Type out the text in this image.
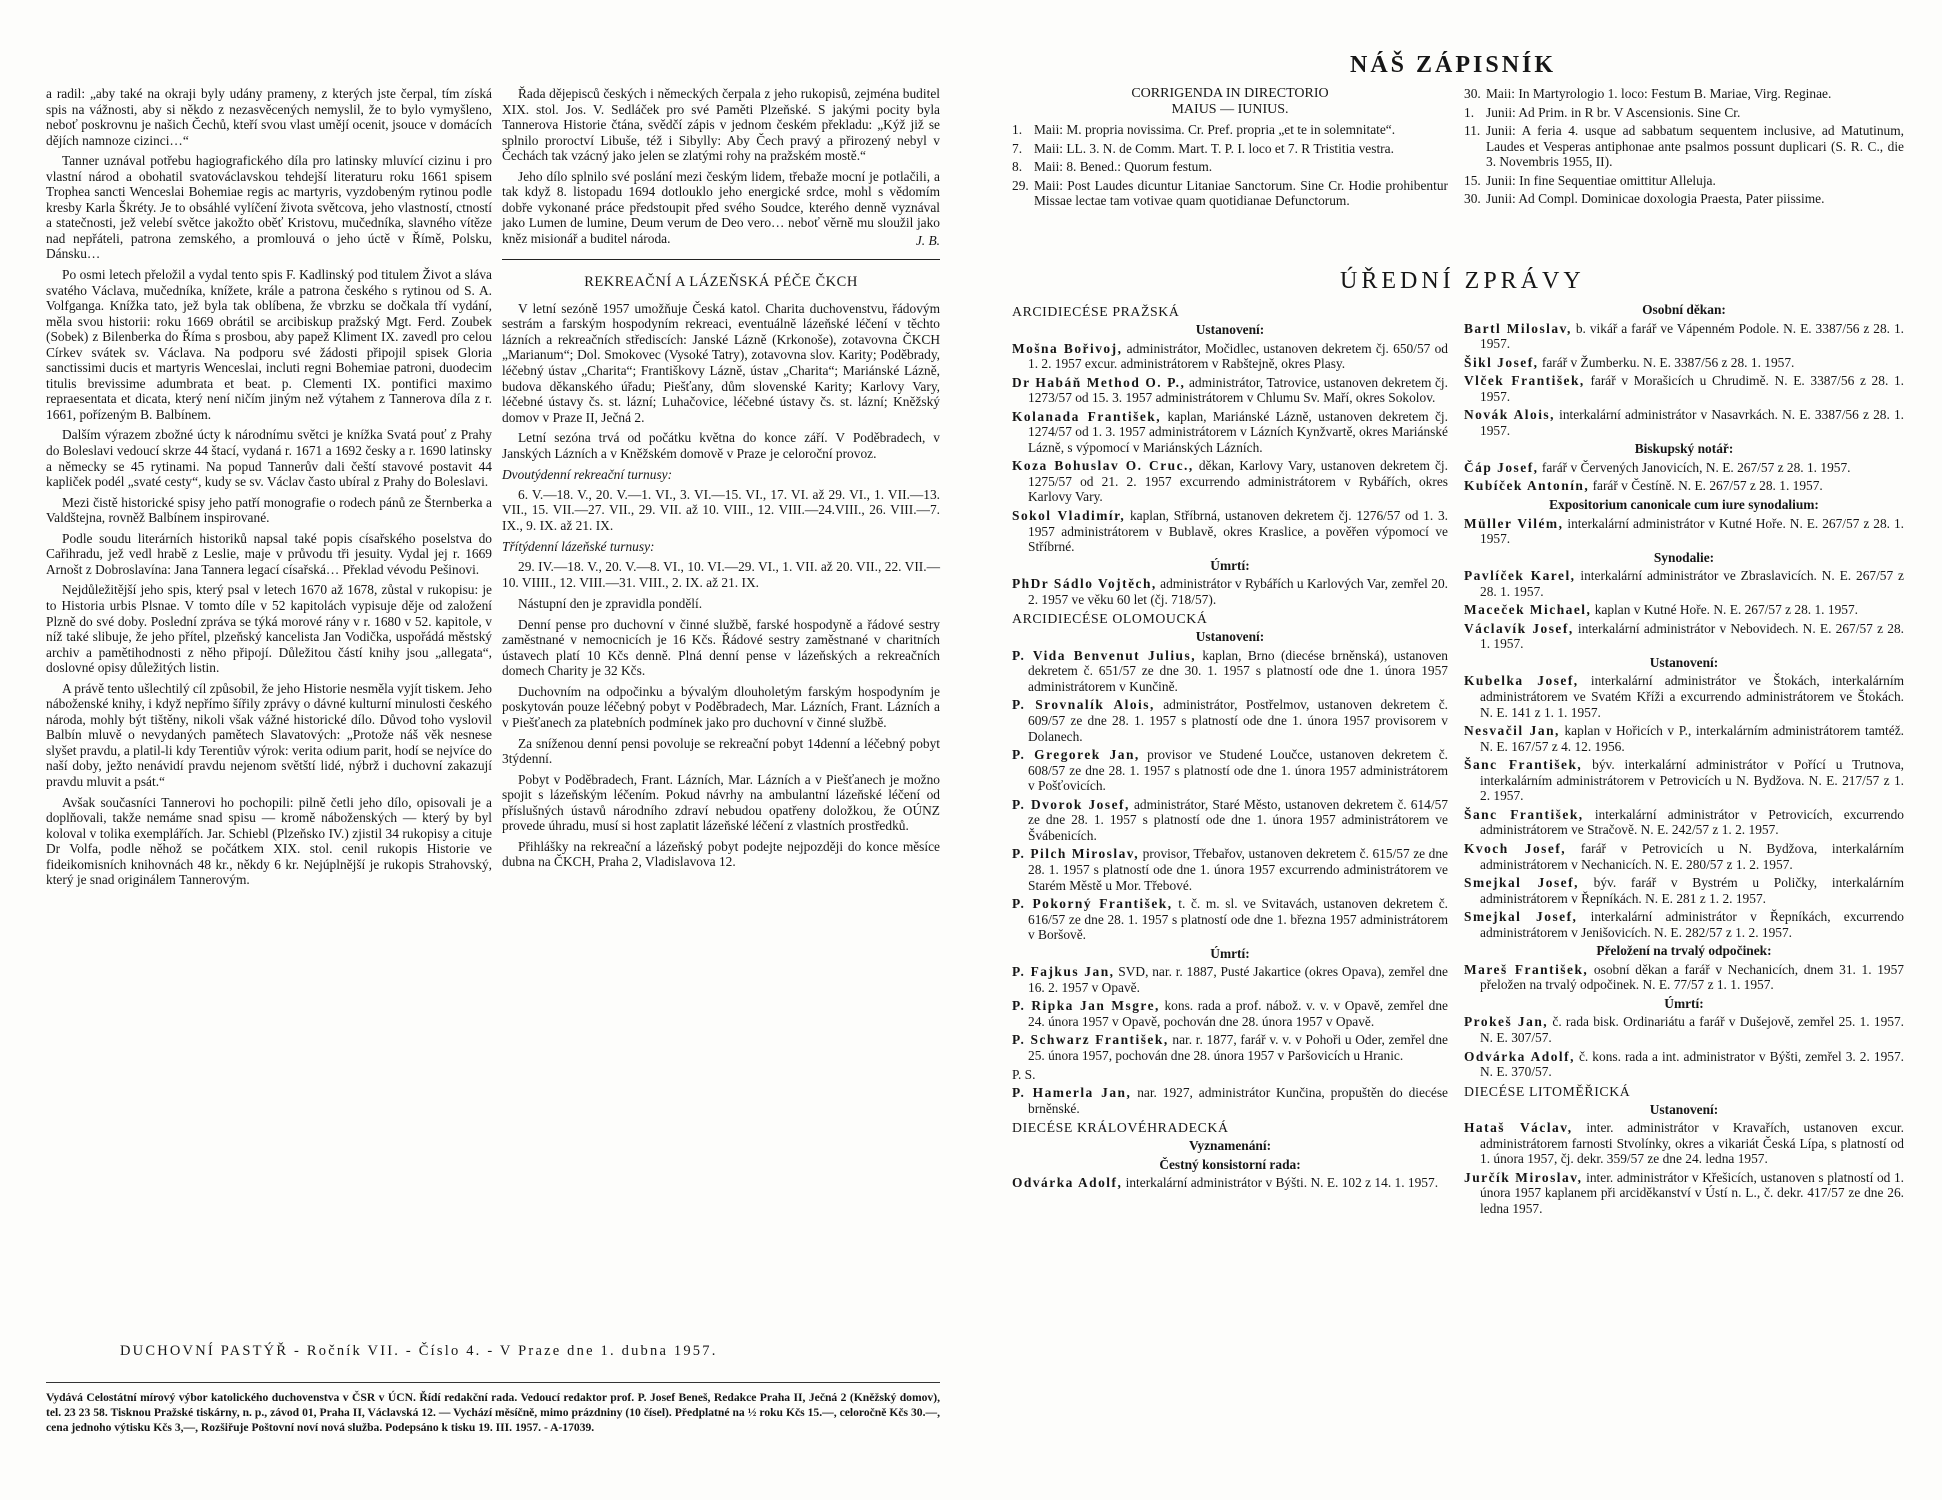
a radil: „aby také na okraji byly udány prameny, z kterých jste čerpal, tím získá spis na vážnosti, aby si někdo z nezasvěcených nemyslil, že to bylo vymyšleno, neboť poskrovnu je našich Čechů, kteří svou vlast umějí ocenit, jsouce v domácích dějích namnoze cizinci…“

Tanner uznával potřebu hagiografického díla pro latinsky mluvící cizinu i pro vlastní národ a obohatil svatováclavskou tehdejší literaturu roku 1661 spisem Trophea sancti Wenceslai Bohemiae regis ac martyris, vyzdobeným rytinou podle kresby Karla Škréty. Je to obsáhlé vylíčení života světcova, jeho vlastností, ctností a statečnosti, jež velebí světce jakožto oběť Kristovu, mučedníka, slavného vítěze nad nepřáteli, patrona zemského, a promlouvá o jeho úctě v Římě, Polsku, Dánsku…

Po osmi letech přeložil a vydal tento spis F. Kadlinský pod titulem Život a sláva svatého Václava, mučedníka, knížete, krále a patrona českého s rytinou od S. A. Volfganga. Knížka tato, jež byla tak oblíbena, že vbrzku se dočkala tří vydání, měla svou historii: roku 1669 obrátil se arcibiskup pražský Mgt. Ferd. Zoubek (Sobek) z Bilenberka do Říma s prosbou, aby papež Kliment IX. zavedl pro celou Církev svátek sv. Václava. Na podporu své žádosti připojil spisek Gloria sanctissimi ducis et martyris Wenceslai, incluti regni Bohemiae patroni, duodecim titulis brevissime adumbrata et beat. p. Clementi IX. pontifici maximo repraesentata et dicata, který není ničím jiným než výtahem z Tannerova díla z r. 1661, pořízeným B. Balbínem.

Dalším výrazem zbožné úcty k národnímu světci je knížka Svatá pouť z Prahy do Boleslavi vedoucí skrze 44 štací, vydaná r. 1671 a 1692 česky a r. 1690 latinsky a německy se 45 rytinami. Na popud Tannerův dali čeští stavové postavit 44 kapliček podél „svaté cesty“, kudy se sv. Václav často ubíral z Prahy do Boleslavi.

Mezi čistě historické spisy jeho patří monografie o rodech pánů ze Šternberka a Valdštejna, rovněž Balbínem inspirované.

Podle soudu literárních historiků napsal také popis císařského poselstva do Cařihradu, jež vedl hrabě z Leslie, maje v průvodu tři jesuity. Vydal jej r. 1669 Arnošt z Dobroslavína: Jana Tannera legací císařská… Překlad vévodu Pešinovi.

Nejdůležitější jeho spis, který psal v letech 1670 až 1678, zůstal v rukopisu: je to Historia urbis Plsnae. V tomto díle v 52 kapitolách vypisuje děje od založení Plzně do své doby. Poslední zpráva se týká morové rány v r. 1680 v 52. kapitole, v níž také slibuje, že jeho přítel, plzeňský kancelista Jan Vodička, uspořádá městský archiv a pamětihodnosti z něho připojí. Důležitou částí knihy jsou „allegata“, doslovné opisy důležitých listin.

A právě tento ušlechtilý cíl způsobil, že jeho Historie nesměla vyjít tiskem. Jeho náboženské knihy, i když nepřímo šířily zprávy o dávné kulturní minulosti českého národa, mohly být tištěny, nikoli však vážné historické dílo. Důvod toho vyslovil Balbín mluvě o nevydaných pamětech Slavatových: „Protože náš věk nesnese slyšet pravdu, a platil-li kdy Terentiův výrok: verita odium parit, hodí se nejvíce do naší doby, ježto nenávidí pravdu nejenom světští lidé, nýbrž i duchovní zakazují pravdu mluvit a psát.“

Avšak současníci Tannerovi ho pochopili: pilně četli jeho dílo, opisovali je a doplňovali, takže nemáme snad spisu — kromě náboženských — který by byl koloval v tolika exemplářích. Jar. Schiebl (Plzeňsko IV.) zjistil 34 rukopisy a cituje Dr Volfa, podle něhož se počátkem XIX. stol. cenil rukopis Historie ve fideikomisních knihovnách 48 kr., někdy 6 kr. Nejúplnější je rukopis Strahovský, který je snad originálem Tannerovým.

Řada dějepisců českých i německých čerpala z jeho rukopisů, zejména buditel XIX. stol. Jos. V. Sedláček pro své Paměti Plzeňské. S jakými pocity byla Tannerova Historie čtána, svědčí zápis v jednom českém překladu: „Kýž již se splnilo proroctví Libuše, též i Sibylly: Aby Čech pravý a přirozený nebyl v Čechách tak vzácný jako jelen se zlatými rohy na pražském mostě.“

Jeho dílo splnilo své poslání mezi českým lidem, třebaže mocní je potlačili, a tak když 8. listopadu 1694 dotlouklo jeho energické srdce, mohl s vědomím dobře vykonané práce předstoupit před svého Soudce, kterého denně vyznával jako Lumen de lumine, Deum verum de Deo vero… neboť věrně mu sloužil jako kněz misionář a buditel národa.	J. B.
REKREAČNÍ A LÁZEŇSKÁ PÉČE ČKCH

V letní sezóně 1957 umožňuje Česká katol. Charita duchovenstvu, řádovým sestrám a farským hospodyním rekreaci, eventuálně lázeňské léčení v těchto lázních a rekreačních střediscích: Janské Lázně (Krkonoše), zotavovna ČKCH „Marianum“; Dol. Smokovec (Vysoké Tatry), zotavovna slov. Karity; Poděbrady, léčebný ústav „Charita“; Františkovy Lázně, ústav „Charita“; Mariánské Lázně, budova děkanského úřadu; Piešťany, dům slovenské Karity; Karlovy Vary, léčebné ústavy čs. st. lázní; Luhačovice, léčebné ústavy čs. st. lázní; Kněžský domov v Praze II, Ječná 2.

Letní sezóna trvá od počátku května do konce září. V Poděbradech, v Janských Lázních a v Kněžském domově v Praze je celoroční provoz.

Dvoutýdenní rekreační turnusy:
6. V.—18. V., 20. V.—1. VI., 3. VI.—15. VI., 17. VI. až 29. VI., 1. VII.—13. VII., 15. VII.—27. VII., 29. VII. až 10. VIII., 12. VIII.—24.VIII., 26. VIII.—7. IX., 9. IX. až 21. IX.
Třítýdenní lázeňské turnusy:
29. IV.—18. V., 20. V.—8. VI., 10. VI.—29. VI., 1. VII. až 20. VII., 22. VII.—10. VIIII., 12. VIII.—31. VIII., 2. IX. až 21. IX.

Nástupní den je zpravidla pondělí.

Denní pense pro duchovní v činné službě, farské hospodyně a řádové sestry zaměstnané v nemocnicích je 16 Kčs. Řádové sestry zaměstnané v charitních ústavech platí 10 Kčs denně. Plná denní pense v lázeňských a rekreačních domech Charity je 32 Kčs.

Duchovním na odpočinku a bývalým dlouholetým farským hospodyním je poskytován pouze léčebný pobyt v Poděbradech, Mar. Lázních, Frant. Lázních a v Piešťanech za platebních podmínek jako pro duchovní v činné službě.

Za sníženou denní pensi povoluje se rekreační pobyt 14denní a léčebný pobyt 3týdenní.

Pobyt v Poděbradech, Frant. Lázních, Mar. Lázních a v Piešťanech je možno spojit s lázeňským léčením. Pokud návrhy na ambulantní lázeňské léčení od příslušných ústavů národního zdraví nebudou opatřeny doložkou, že OÚNZ provede úhradu, musí si host zaplatit lázeňské léčení z vlastních prostředků.

Přihlášky na rekreační a lázeňský pobyt podejte nejpozději do konce měsíce dubna na ČKCH, Praha 2, Vladislavova 12.

NÁŠ ZÁPISNÍK
CORRIGENDA IN DIRECTORIO
MAIUS — IUNIUS.
1. Maii: M. propria novissima. Cr. Pref. propria „et te in solemnitate“.
7. Maii: LL. 3. N. de Comm. Mart. T. P. I. loco et 7. R Tristitia vestra.
8. Maii: 8. Bened.: Quorum festum.
29. Maii: Post Laudes dicuntur Litaniae Sanctorum. Sine Cr. Hodie prohibentur Missae lectae tam votivae quam quotidianae Defunctorum.
30. Maii: In Martyrologio 1. loco: Festum B. Mariae, Virg. Reginae.
1. Junii: Ad Prim. in R br. V Ascensionis. Sine Cr.
11. Junii: A feria 4. usque ad sabbatum sequentem inclusive, ad Matutinum, Laudes et Vesperas antiphonae ante psalmos possunt duplicari (S. R. C., die 3. Novembris 1955, II).
15. Junii: In fine Sequentiae omittitur Alleluja.
30. Junii: Ad Compl. Dominicae doxologia Praesta, Pater piissime.
ÚŘEDNÍ ZPRÁVY
ARCIDIECÉSE PRAŽSKÁ
Ustanovení:
Mošna Bořivoj, administrátor, Močidlec, ustanoven dekretem čj. 650/57 od 1. 2. 1957 excur. administrátorem v Rabštejně, okres Plasy.
Dr Habáň Method O. P., administrátor, Tatrovice, ustanoven dekretem čj. 1273/57 od 15. 3. 1957 administrátorem v Chlumu Sv. Maří, okres Sokolov.
Kolanada František, kaplan, Mariánské Lázně, ustanoven dekretem čj. 1274/57 od 1. 3. 1957 administrátorem v Lázních Kynžvartě, okres Mariánské Lázně, s výpomocí v Mariánských Lázních.
Koza Bohuslav O. Cruc., děkan, Karlovy Vary, ustanoven dekretem čj. 1275/57 od 21. 2. 1957 excurrendo administrátorem v Rybářích, okres Karlovy Vary.
Sokol Vladimír, kaplan, Stříbrná, ustanoven dekretem čj. 1276/57 od 1. 3. 1957 administrátorem v Bublavě, okres Kraslice, a pověřen výpomocí ve Stříbrné.
Úmrtí:
PhDr Sádlo Vojtěch, administrátor v Rybářích u Karlových Var, zemřel 20. 2. 1957 ve věku 60 let (čj. 718/57).
ARCIDIECÉSE OLOMOUCKÁ
Ustanovení:
P. Vida Benvenut Julius, kaplan, Brno (diecése brněnská), ustanoven dekretem č. 651/57 ze dne 30. 1. 1957 s platností ode dne 1. února 1957 administrátorem v Kunčině.
P. Srovnalík Alois, administrátor, Postřelmov, ustanoven dekretem č. 609/57 ze dne 28. 1. 1957 s platností ode dne 1. února 1957 provisorem v Dolanech.
P. Gregorek Jan, provisor ve Studené Loučce, ustanoven dekretem č. 608/57 ze dne 28. 1. 1957 s platností ode dne 1. února 1957 administrátorem v Pošťovicích.
P. Dvorok Josef, administrátor, Staré Město, ustanoven dekretem č. 614/57 ze dne 28. 1. 1957 s platností ode dne 1. února 1957 administrátorem ve Švábenicích.
P. Pilch Miroslav, provisor, Třebařov, ustanoven dekretem č. 615/57 ze dne 28. 1. 1957 s platností ode dne 1. února 1957 excurrendo administrátorem ve Starém Městě u Mor. Třebové.
P. Pokorný František, t. č. m. sl. ve Svitavách, ustanoven dekretem č. 616/57 ze dne 28. 1. 1957 s platností ode dne 1. března 1957 administrátorem v Boršově.
Úmrtí:
P. Fajkus Jan, SVD, nar. r. 1887, Pusté Jakartice (okres Opava), zemřel dne 16. 2. 1957 v Opavě.
P. Ripka Jan Msgre, kons. rada a prof. nábož. v. v. v Opavě, zemřel dne 24. února 1957 v Opavě, pochován dne 28. února 1957 v Opavě.
P. Schwarz František, nar. r. 1877, farář v. v. v Pohoři u Oder, zemřel dne 25. února 1957, pochován dne 28. února 1957 v Paršovicích u Hranic.
P. S.
P. Hamerla Jan, nar. 1927, administrátor Kunčina, propuštěn do diecése brněnské.
DIECÉSE KRÁLOVÉHRADECKÁ
Vyznamenání:
Čestný konsistorní rada:
Odvárka Adolf, interkalární administrátor v Býšti. N. E. 102 z 14. 1. 1957.
Osobní děkan:
Bartl Miloslav, b. vikář a farář ve Vápenném Podole. N. E. 3387/56 z 28. 1. 1957.
Šikl Josef, farář v Žumberku. N. E. 3387/56 z 28. 1. 1957.
Vlček František, farář v Morašicích u Chrudimě. N. E. 3387/56 z 28. 1. 1957.
Novák Alois, interkalární administrátor v Nasavrkách. N. E. 3387/56 z 28. 1. 1957.
Biskupský notář:
Čáp Josef, farář v Červených Janovicích, N. E. 267/57 z 28. 1. 1957.
Kubíček Antonín, farář v Čestíně. N. E. 267/57 z 28. 1. 1957.
Expositorium canonicale cum iure synodalium:
Müller Vilém, interkalární administrátor v Kutné Hoře. N. E. 267/57 z 28. 1. 1957.
Synodalie:
Pavlíček Karel, interkalární administrátor ve Zbraslavicích. N. E. 267/57 z 28. 1. 1957.
Maceček Michael, kaplan v Kutné Hoře. N. E. 267/57 z 28. 1. 1957.
Václavík Josef, interkalární administrátor v Nebovidech. N. E. 267/57 z 28. 1. 1957.
Ustanovení:
Kubelka Josef, interkalární administrátor ve Štokách, interkalárním administrátorem ve Svatém Kříži a excurrendo administrátorem ve Štokách. N. E. 141 z 1. 1. 1957.
Nesvačil Jan, kaplan v Hořicích v P., interkalárním administrátorem tamtéž. N. E. 167/57 z 4. 12. 1956.
Šanc František, býv. interkalární administrátor v Pořící u Trutnova, interkalárním administrátorem v Petrovicích u N. Bydžova. N. E. 217/57 z 1. 2. 1957.
Šanc František, interkalární administrátor v Petrovicích, excurrendo administrátorem ve Stračově. N. E. 242/57 z 1. 2. 1957.
Kvoch Josef, farář v Petrovicích u N. Bydžova, interkalárním administrátorem v Nechanicích. N. E. 280/57 z 1. 2. 1957.
Smejkal Josef, býv. farář v Bystrém u Poličky, interkalárním administrátorem v Řepníkách. N. E. 281 z 1. 2. 1957.
Smejkal Josef, interkalární administrátor v Řepníkách, excurrendo administrátorem v Jenišovicích. N. E. 282/57 z 1. 2. 1957.
Přeložení na trvalý odpočinek:
Mareš František, osobní děkan a farář v Nechanicích, dnem 31. 1. 1957 přeložen na trvalý odpočinek. N. E. 77/57 z 1. 1. 1957.
Úmrtí:
Prokeš Jan, č. rada bisk. Ordinariátu a farář v Dušejově, zemřel 25. 1. 1957. N. E. 307/57.
Odvárka Adolf, č. kons. rada a int. administrator v Býšti, zemřel 3. 2. 1957. N. E. 370/57.
DIECÉSE LITOMĚŘICKÁ
Ustanovení:
Hataš Václav, inter. administrátor v Kravařích, ustanoven excur. administrátorem farnosti Stvolínky, okres a vikariát Česká Lípa, s platností od 1. února 1957, čj. dekr. 359/57 ze dne 24. ledna 1957.
Jurčík Miroslav, inter. administrátor v Křešicích, ustanoven s platností od 1. února 1957 kaplanem při arciděkanství v Ústí n. L., č. dekr. 417/57 ze dne 26. ledna 1957.
DUCHOVNÍ PASTÝŘ - Ročník VII. - Číslo 4. - V Praze dne 1. dubna 1957.
Vydává Celostátní mírový výbor katolického duchovenstva v ČSR v ÚCN. Řídí redakční rada. Vedoucí redaktor prof. P. Josef Beneš, Redakce Praha II, Ječná 2 (Kněžský domov), tel. 23 23 58. Tisknou Pražské tiskárny, n. p., závod 01, Praha II, Václavská 12. — Vychází měsíčně, mimo prázdniny (10 čísel). Předplatné na ½ roku Kčs 15.—, celoročně Kčs 30.—, cena jednoho výtisku Kčs 3,—, Rozšiřuje Poštovní noví nová služba. Podepsáno k tisku 19. III. 1957. - A-17039.
